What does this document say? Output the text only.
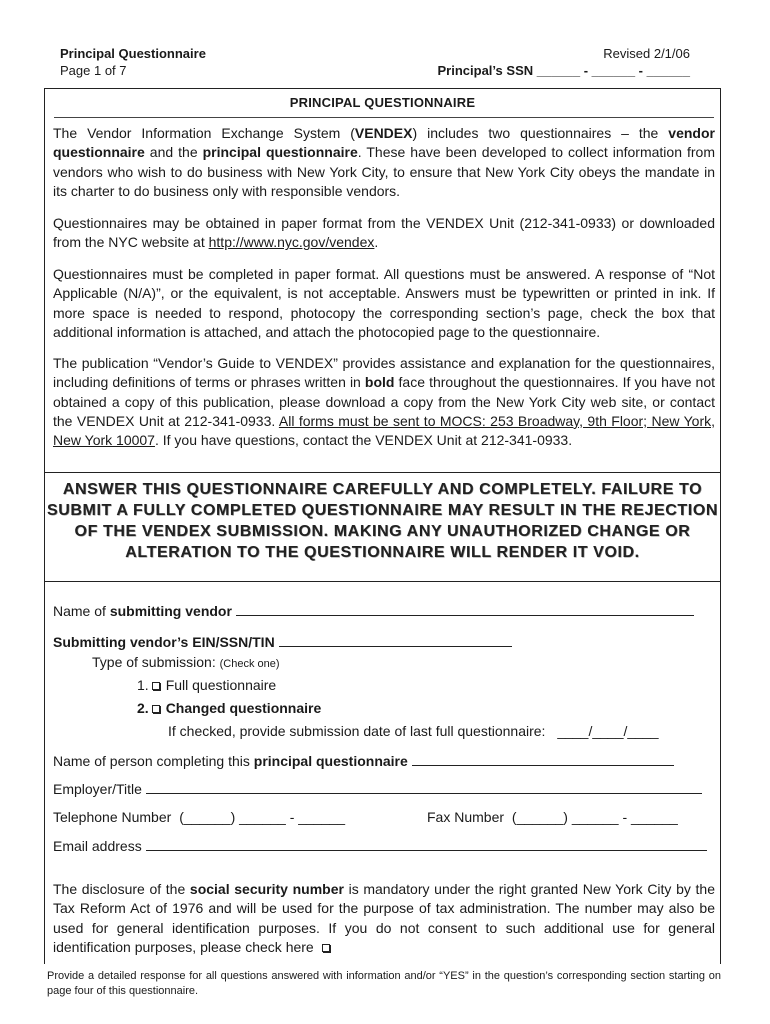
Principal Questionnaire
Page 1 of 7
Revised 2/1/06
Principal’s SSN ______ - ______ - ______
PRINCIPAL QUESTIONNAIRE

The Vendor Information Exchange System (VENDEX) includes two questionnaires – the vendor questionnaire and the principal questionnaire. These have been developed to collect information from vendors who wish to do business with New York City, to ensure that New York City obeys the mandate in its charter to do business only with responsible vendors.

Questionnaires may be obtained in paper format from the VENDEX Unit (212-341-0933) or downloaded from the NYC website at http://www.nyc.gov/vendex.

Questionnaires must be completed in paper format. All questions must be answered. A response of “Not Applicable (N/A)”, or the equivalent, is not acceptable. Answers must be typewritten or printed in ink. If more space is needed to respond, photocopy the corresponding section’s page, check the box that additional information is attached, and attach the photocopied page to the questionnaire.

The publication “Vendor’s Guide to VENDEX” provides assistance and explanation for the questionnaires, including definitions of terms or phrases written in bold face throughout the questionnaires. If you have not obtained a copy of this publication, please download a copy from the New York City web site, or contact the VENDEX Unit at 212-341-0933. All forms must be sent to MOCS: 253 Broadway, 9th Floor; New York, New York 10007. If you have questions, contact the VENDEX Unit at 212-341-0933.

ANSWER THIS QUESTIONNAIRE CAREFULLY AND COMPLETELY. FAILURE TO SUBMIT A FULLY COMPLETED QUESTIONNAIRE MAY RESULT IN THE REJECTION OF THE VENDEX SUBMISSION. MAKING ANY UNAUTHORIZED CHANGE OR ALTERATION TO THE QUESTIONNAIRE WILL RENDER IT VOID.
Name of submitting vendor
Submitting vendor’s EIN/SSN/TIN
Type of submission: (Check one)
1. Full questionnaire
2. Changed questionnaire
If checked, provide submission date of last full questionnaire: ____/____/____
Name of person completing this principal questionnaire
Employer/Title
Telephone Number (______) ______ - ______	Fax Number (______) ______ - ______
Email address

The disclosure of the social security number is mandatory under the right granted New York City by the Tax Reform Act of 1976 and will be used for the purpose of tax administration. The number may also be used for general identification purposes. If you do not consent to such additional use for general identification purposes, please check here

Provide a detailed response for all questions answered with information and/or “YES” in the question’s corresponding section starting on page four of this questionnaire.
